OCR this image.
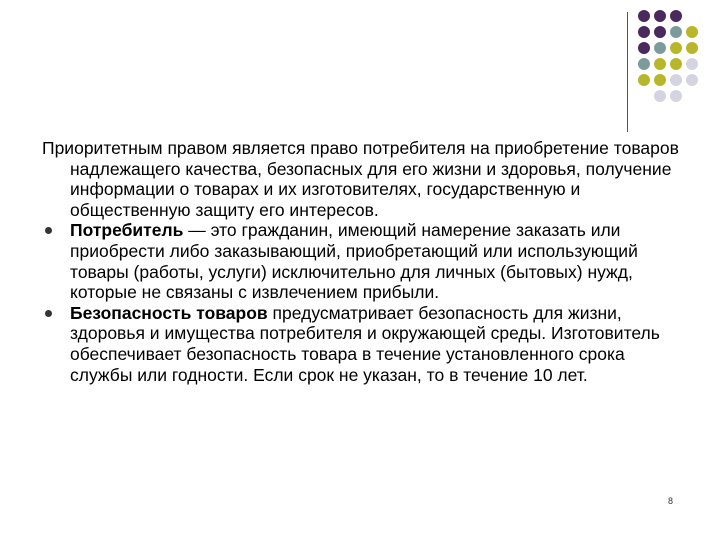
Приоритетным правом является право потребителя на приобретение товаров надлежащего качества, безопасных для его жизни и здоровья, получение информации о товарах и их изготовителях, государственную и общественную защиту его интересов.
Потребитель — это гражданин, имеющий намерение заказать или приобрести либо заказывающий, приобретающий или использующий товары (работы, услуги) исключительно для личных (бытовых) нужд, которые не связаны с извлечением прибыли.
Безопасность товаров предусматривает безопасность для жизни, здоровья и имущества потребителя и окружающей среды. Изготовитель обеспечивает безопасность товара в течение установленного срока службы или годности. Если срок не указан, то в течение 10 лет.
8
